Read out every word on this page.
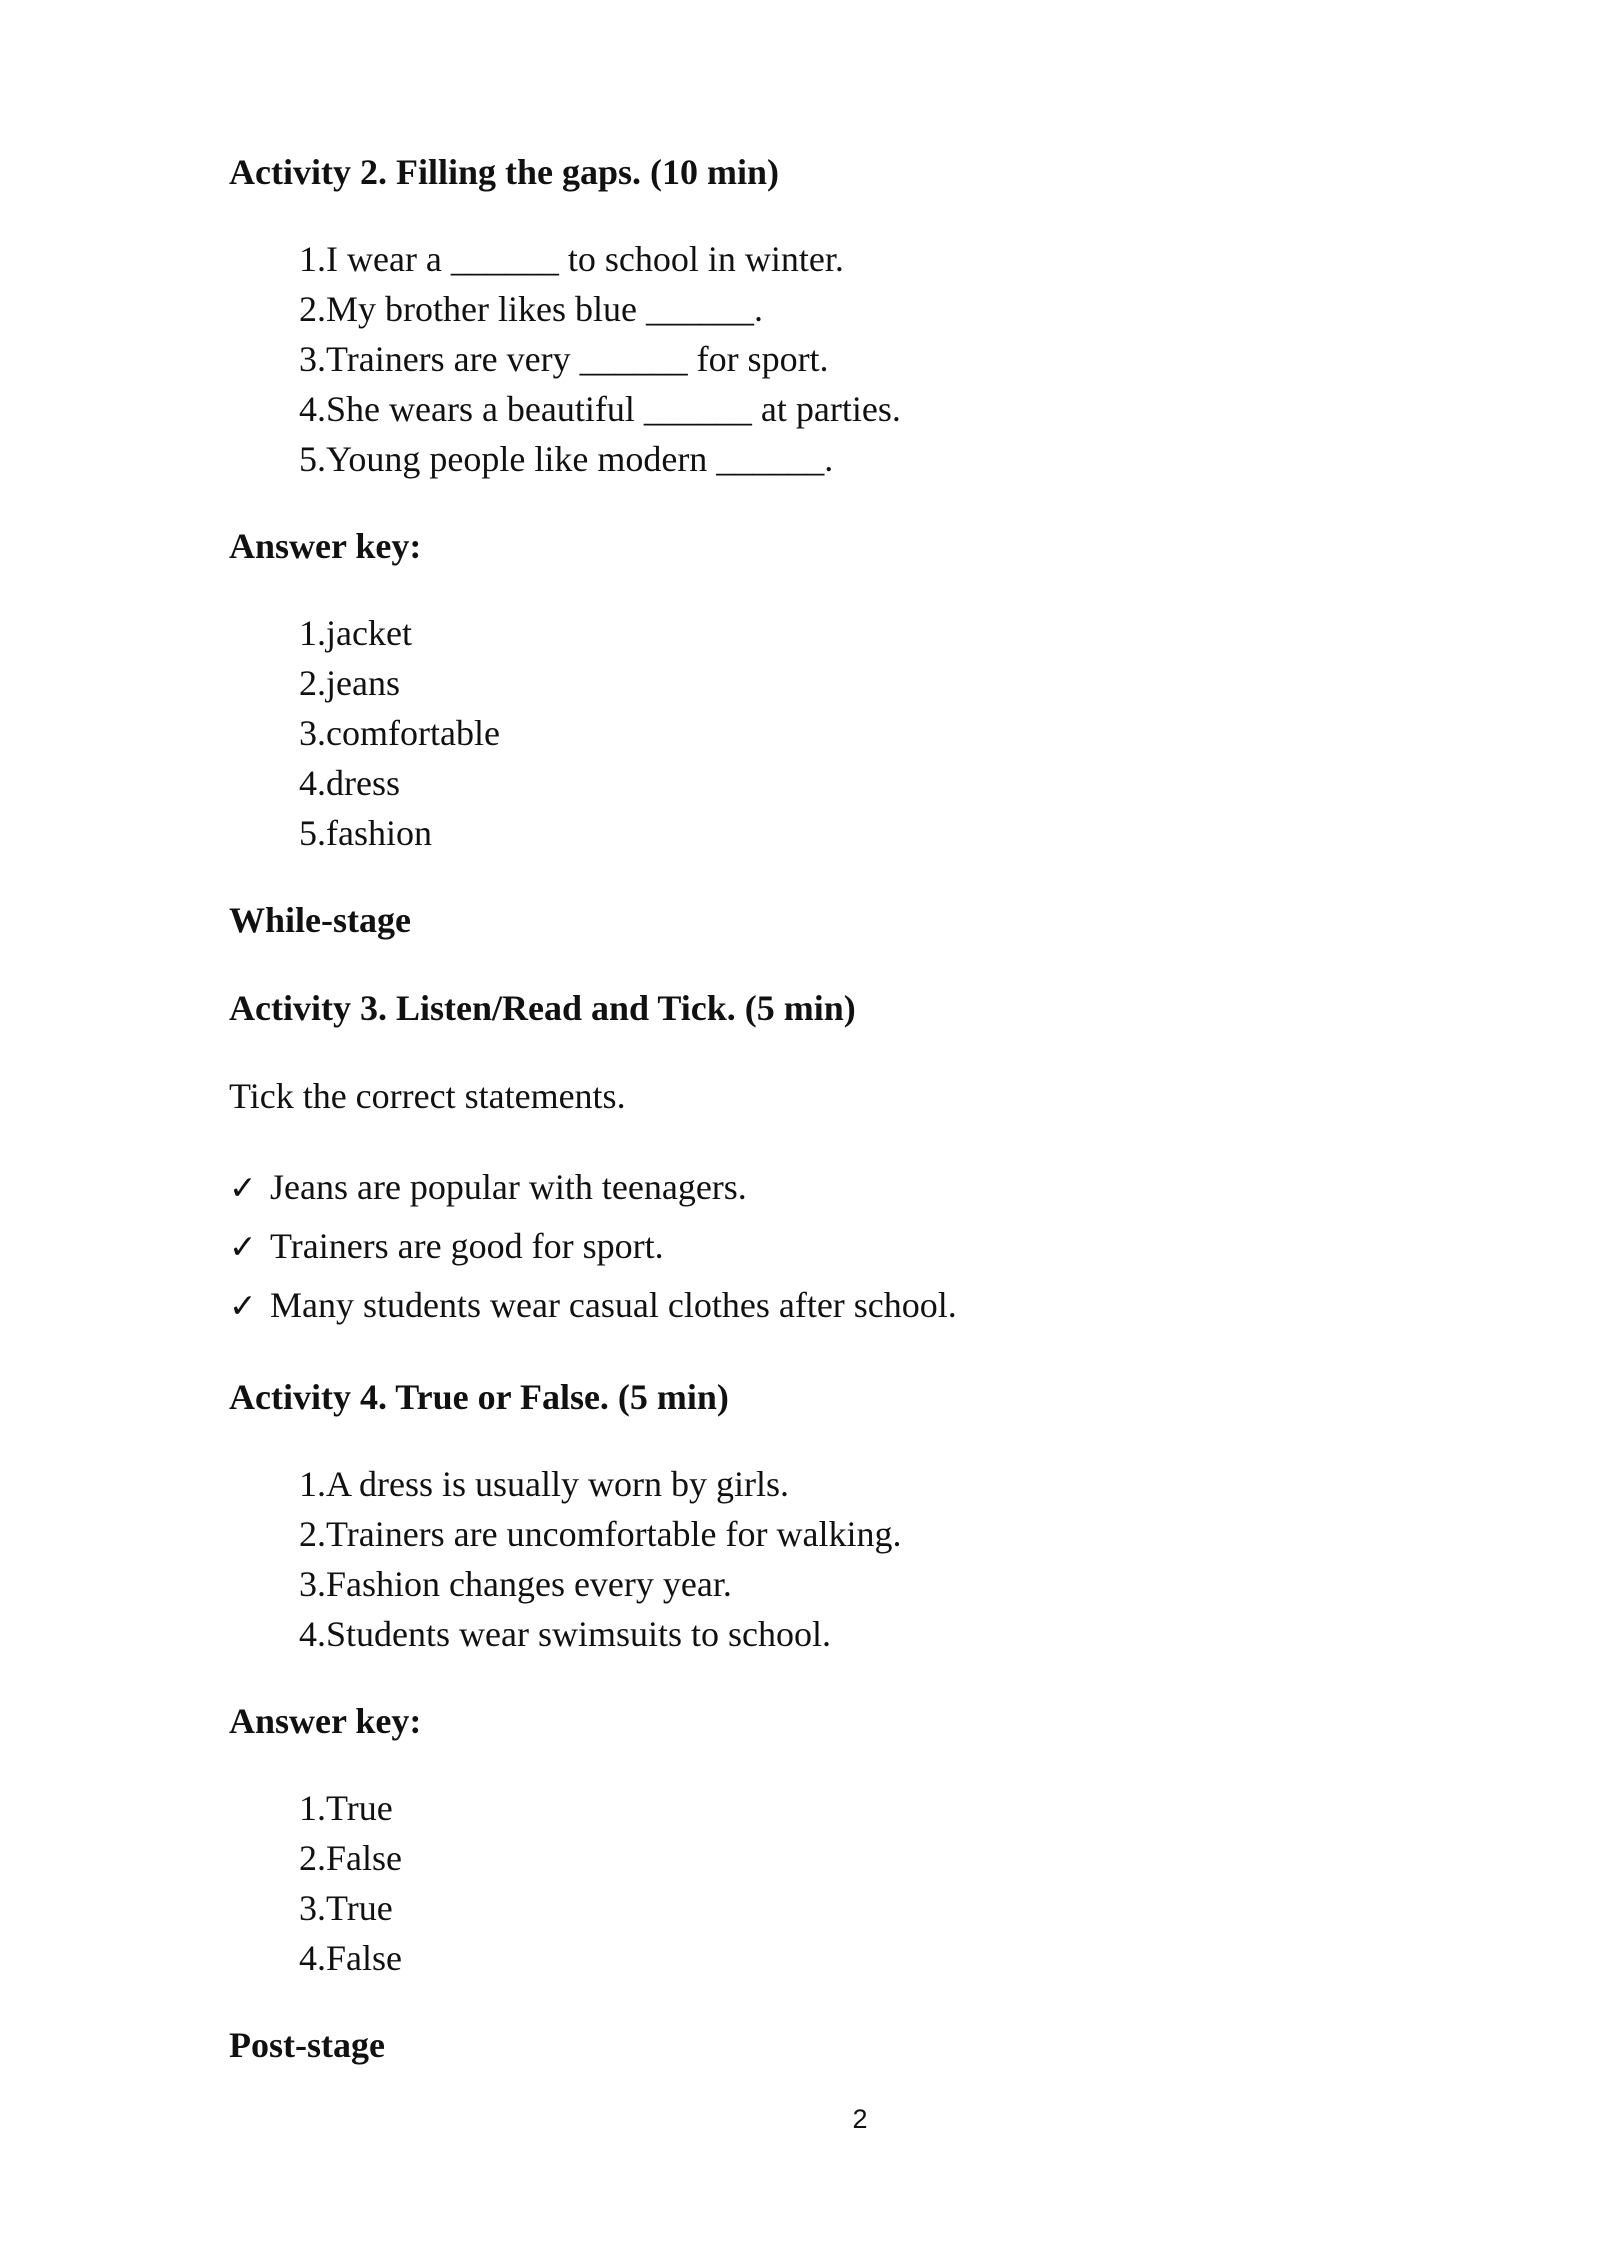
Activity 2. Filling the gaps. (10 min)
1. I wear a ______ to school in winter.
2. My brother likes blue ______.
3. Trainers are very ______ for sport.
4. She wears a beautiful ______ at parties.
5. Young people like modern ______.
Answer key:
1. jacket
2. jeans
3. comfortable
4. dress
5. fashion
While-stage
Activity 3. Listen/Read and Tick. (5 min)

Tick the correct statements.

✓ Jeans are popular with teenagers.
✓ Trainers are good for sport.
✓ Many students wear casual clothes after school.
Activity 4. True or False. (5 min)
1. A dress is usually worn by girls.
2. Trainers are uncomfortable for walking.
3. Fashion changes every year.
4. Students wear swimsuits to school.
Answer key:
1. True
2. False
3. True
4. False
Post-stage
2
